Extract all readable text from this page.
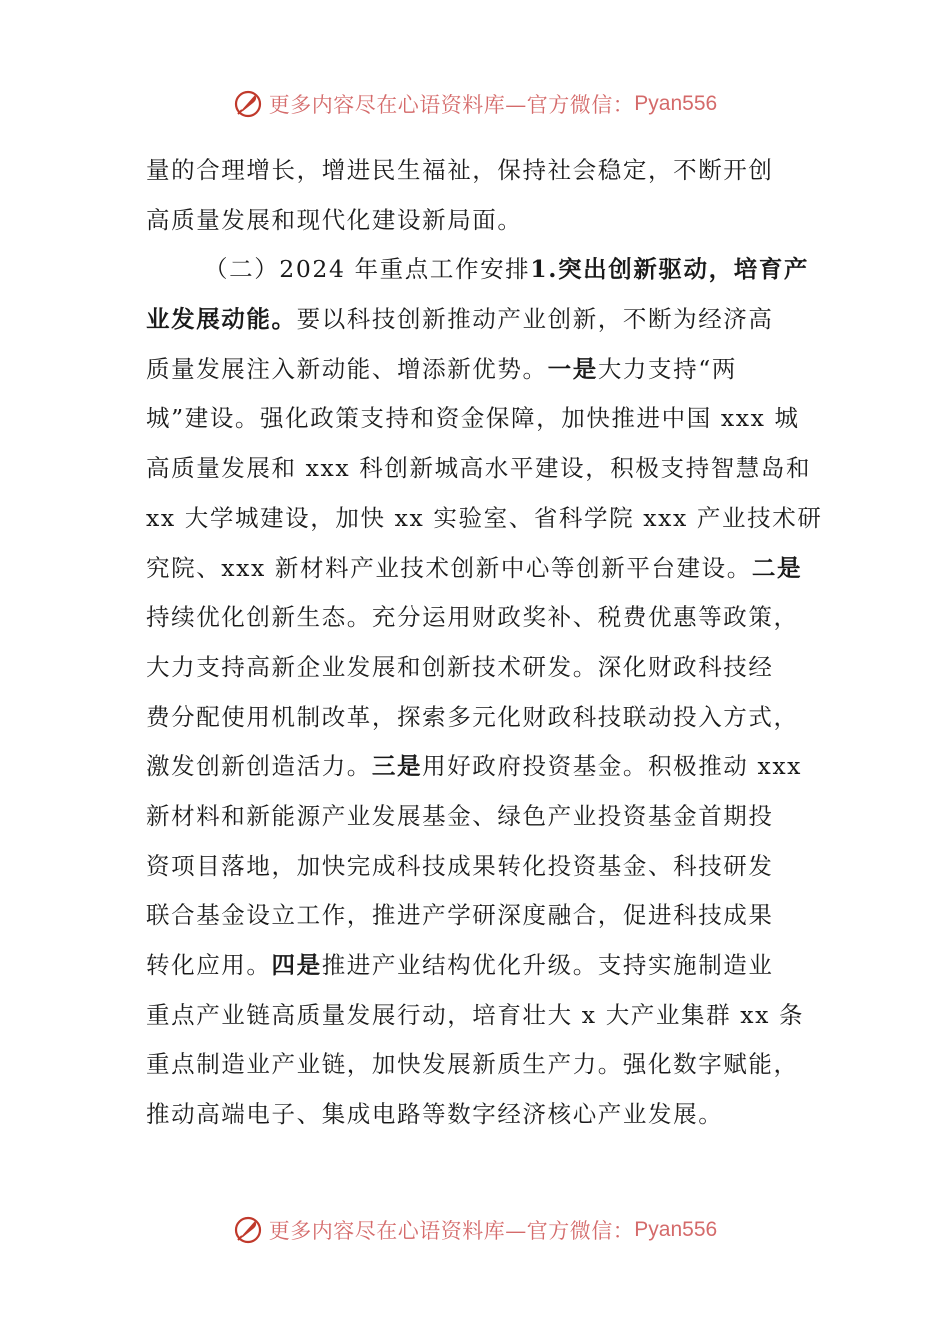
更多内容尽在心语资料库—官方微信： Pyan556
量的合理增长，增进民生福祉，保持社会稳定，不断开创
高质量发展和现代化建设新局面。
（二）2024 年重点工作安排1.突出创新驱动，培育产
业发展动能。要以科技创新推动产业创新，不断为经济高
质量发展注入新动能、增添新优势。一是大力支持“两
城”建设。强化政策支持和资金保障，加快推进中国 xxx 城
高质量发展和 xxx 科创新城高水平建设，积极支持智慧岛和
xx 大学城建设，加快 xx 实验室、省科学院 xxx 产业技术研
究院、xxx 新材料产业技术创新中心等创新平台建设。二是
持续优化创新生态。充分运用财政奖补、税费优惠等政策，
大力支持高新企业发展和创新技术研发。深化财政科技经
费分配使用机制改革，探索多元化财政科技联动投入方式，
激发创新创造活力。三是用好政府投资基金。积极推动 xxx
新材料和新能源产业发展基金、绿色产业投资基金首期投
资项目落地，加快完成科技成果转化投资基金、科技研发
联合基金设立工作，推进产学研深度融合，促进科技成果
转化应用。四是推进产业结构优化升级。支持实施制造业
重点产业链高质量发展行动，培育壮大 x 大产业集群 xx 条
重点制造业产业链，加快发展新质生产力。强化数字赋能，
推动高端电子、集成电路等数字经济核心产业发展。
更多内容尽在心语资料库—官方微信： Pyan556
